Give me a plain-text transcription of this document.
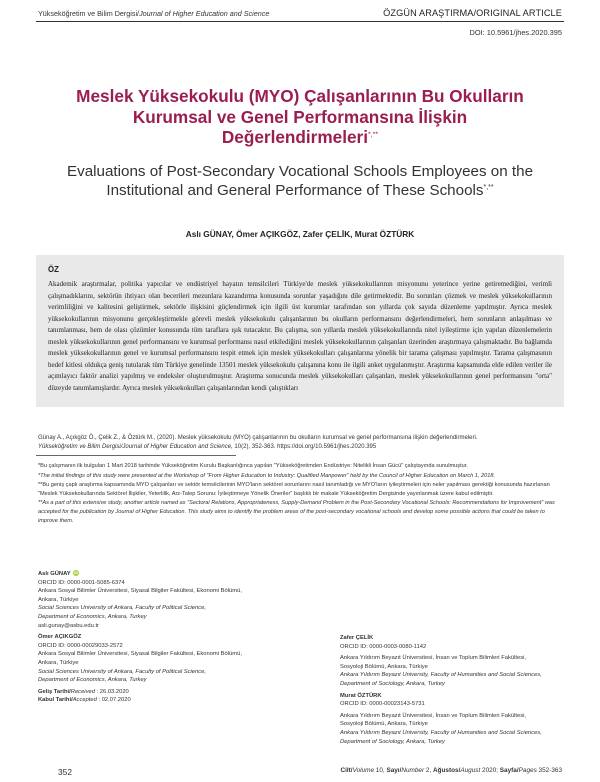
Yükseköğretim ve Bilim Dergisi/Journal of Higher Education and Science	ÖZGÜN ARAŞTIRMA/ORIGINAL ARTICLE
DOI: 10.5961/jhes.2020.395
Meslek Yüksekokulu (MYO) Çalışanlarının Bu Okulların Kurumsal ve Genel Performansına İlişkin Değerlendirmeleri*,**
Evaluations of Post-Secondary Vocational Schools Employees on the Institutional and General Performance of These Schools*,**
Aslı GÜNAY, Ömer AÇIKGÖZ, Zafer ÇELİK, Murat ÖZTÜRK
ÖZ
Akademik araştırmalar, politika yapıcılar ve endüstriyel hayatın temsilcileri Türkiye'de meslek yüksekokullarının misyonunu yeterince yerine getiremediğini, verimli çalışmadıklarını, sektörün ihtiyacı olan becerileri mezunlara kazandırma konusunda sorunlar yaşadığını dile getirmektedir. Bu sorunları çözmek ve meslek yüksekokullarının verimliliğini ve kalitesini geliştirmek, sektörle ilişkisini güçlendirmek için ilgili üst kurumlar tarafından son yıllarda çok sayıda düzenleme yapılmıştır. Ayrıca meslek yüksekokullarının misyonunu gerçekleştirmekle görevli meslek yüksekokulu çalışanlarının bu okulların performansını değerlendirmeleri, hem sorunların anlaşılması ve tanımlanması, hem de olası çözümler konusunda tüm taraflara ışık tutacaktır. Bu çalışma, son yıllarda meslek yüksekokullarında nitel iyileştirme için yapılan düzenlemelerin meslek yüksekokullarının genel performansını ve kurumsal performansı nasıl etkilediğini meslek yüksekokullarının çalışanları üzerinden araştırmaya çalışmaktadır. Bu bağlamda meslek yüksekokullarının genel ve kurumsal performansını tespit etmek için meslek yüksekokulları çalışanlarına yönelik bir tarama çalışması yapılmıştır. Tarama çalışmasının hedef kitlesi oldukça geniş tutularak tüm Türkiye genelinde 13501 meslek yüksekokulu çalışanına konu ile ilgili anket uygulanmıştır. Araştırma kapsamında elde edilen veriler ile açımlayıcı faktör analizi yapılmış ve endeksler oluşturulmuştur. Araştırma sonucunda meslek yüksekokulları çalışanları, meslek yüksekokullarının genel performansını "orta" düzeyde tanımlamışlardır. Ayrıca meslek yüksekokulları çalışanlarından kendi çalıştıkları
Günay A., Açıkgöz Ö., Çelik Z., & Öztürk M., (2020). Meslek yüksekokulu (MYO) çalışanlarının bu okulların kurumsal ve genel performansına ilişkin değerlendirmeleri.
Yükseköğretim ve Bilim Dergisi/Journal of Higher Education and Science, 10(2), 352-363. https://doi.org/10.5961/jhes.2020.395
*Bu çalışmanın ilk bulguları 1 Mart 2018 tarihinde Yükseköğretim Kurulu Başkanlığınca yapılan "Yükseköğretimden Endüstriye: Nitelikli İnsan Gücü" çalıştayında sunulmuştur.
*The initial findings of this study were presented at the Workshop of "From Higher Education to Industry: Qualified Manpower" held by the Council of Higher Education on March 1, 2018.
**Bu geniş çaplı araştırma kapsamında MYO çalışanları ve sektör temsilcilerinin MYO'ların sektörel sorunlarını nasıl tanımladığı ve MYO'ların iyileştirmeleri için neler yapılması gerektiği konusunda hazırlanan "Meslek Yüksekokullarında Sektörel İlişkiler, Yeterlilik, Arz-Talep Sorunu: İyileştirmeye Yönelik Öneriler" başlıklı bir makale Yükseköğretim Dergisinde yayınlanmak üzere kabul edilmiştir.
**As a part of this extensive study, another article named as "Sectoral Relations, Appropriateness, Supply-Demand Problem in the Post-Secondary Vocational Schools: Recommendations for Improvement" was accepted for the publication by Journal of Higher Education. This study aims to identify the problem areas of the post-secondary vocational schools and develop some possible actions that could be taken to improve them.
Aslı GÜNAY iD
ORCID ID: 0000-0001-5085-6374
Ankara Sosyal Bilimler Üniversitesi, Siyasal Bilgiler Fakültesi, Ekonomi Bölümü,
Ankara, Türkiye
Social Sciences University of Ankara, Faculty of Political Science,
Department of Economics, Ankara, Turkey
asli.gunay@asbu.edu.tr
Ömer AÇIKGÖZ
ORCID ID: 0000-00029033-2572
Ankara Sosyal Bilimler Üniversitesi, Siyasal Bilgiler Fakültesi, Ekonomi Bölümü,
Ankara, Türkiye
Social Sciences University of Ankara, Faculty of Political Science,
Department of Economics, Ankara, Turkey
Geliş Tarihi/Received : 26.03.2020
Kabul Tarihi/Accepted : 02.07.2020
Zafer ÇELİK
ORCID ID: 0000-0003-0080-1142
Ankara Yıldırım Beyazıt Üniversitesi, İnsan ve Toplum Bilimleri Fakültesi,
Sosyoloji Bölümü, Ankara, Türkiye
Ankara Yıldırım Beyazıt University, Faculty of Humanities and Social Sciences,
Department of Sociology, Ankara, Turkey
Murat ÖZTÜRK
ORCID ID: 0000-00023143-5731
Ankara Yıldırım Beyazıt Üniversitesi, İnsan ve Toplum Bilimleri Fakültesi,
Sosyoloji Bölümü, Ankara, Türkiye
Ankara Yıldırım Beyazıt University, Faculty of Humanities and Social Sciences,
Department of Sociology, Ankara, Turkey
352	Cilt/Volume 10, Sayı/Number 2, Ağustos/August 2020; Sayfa/Pages 352-363
